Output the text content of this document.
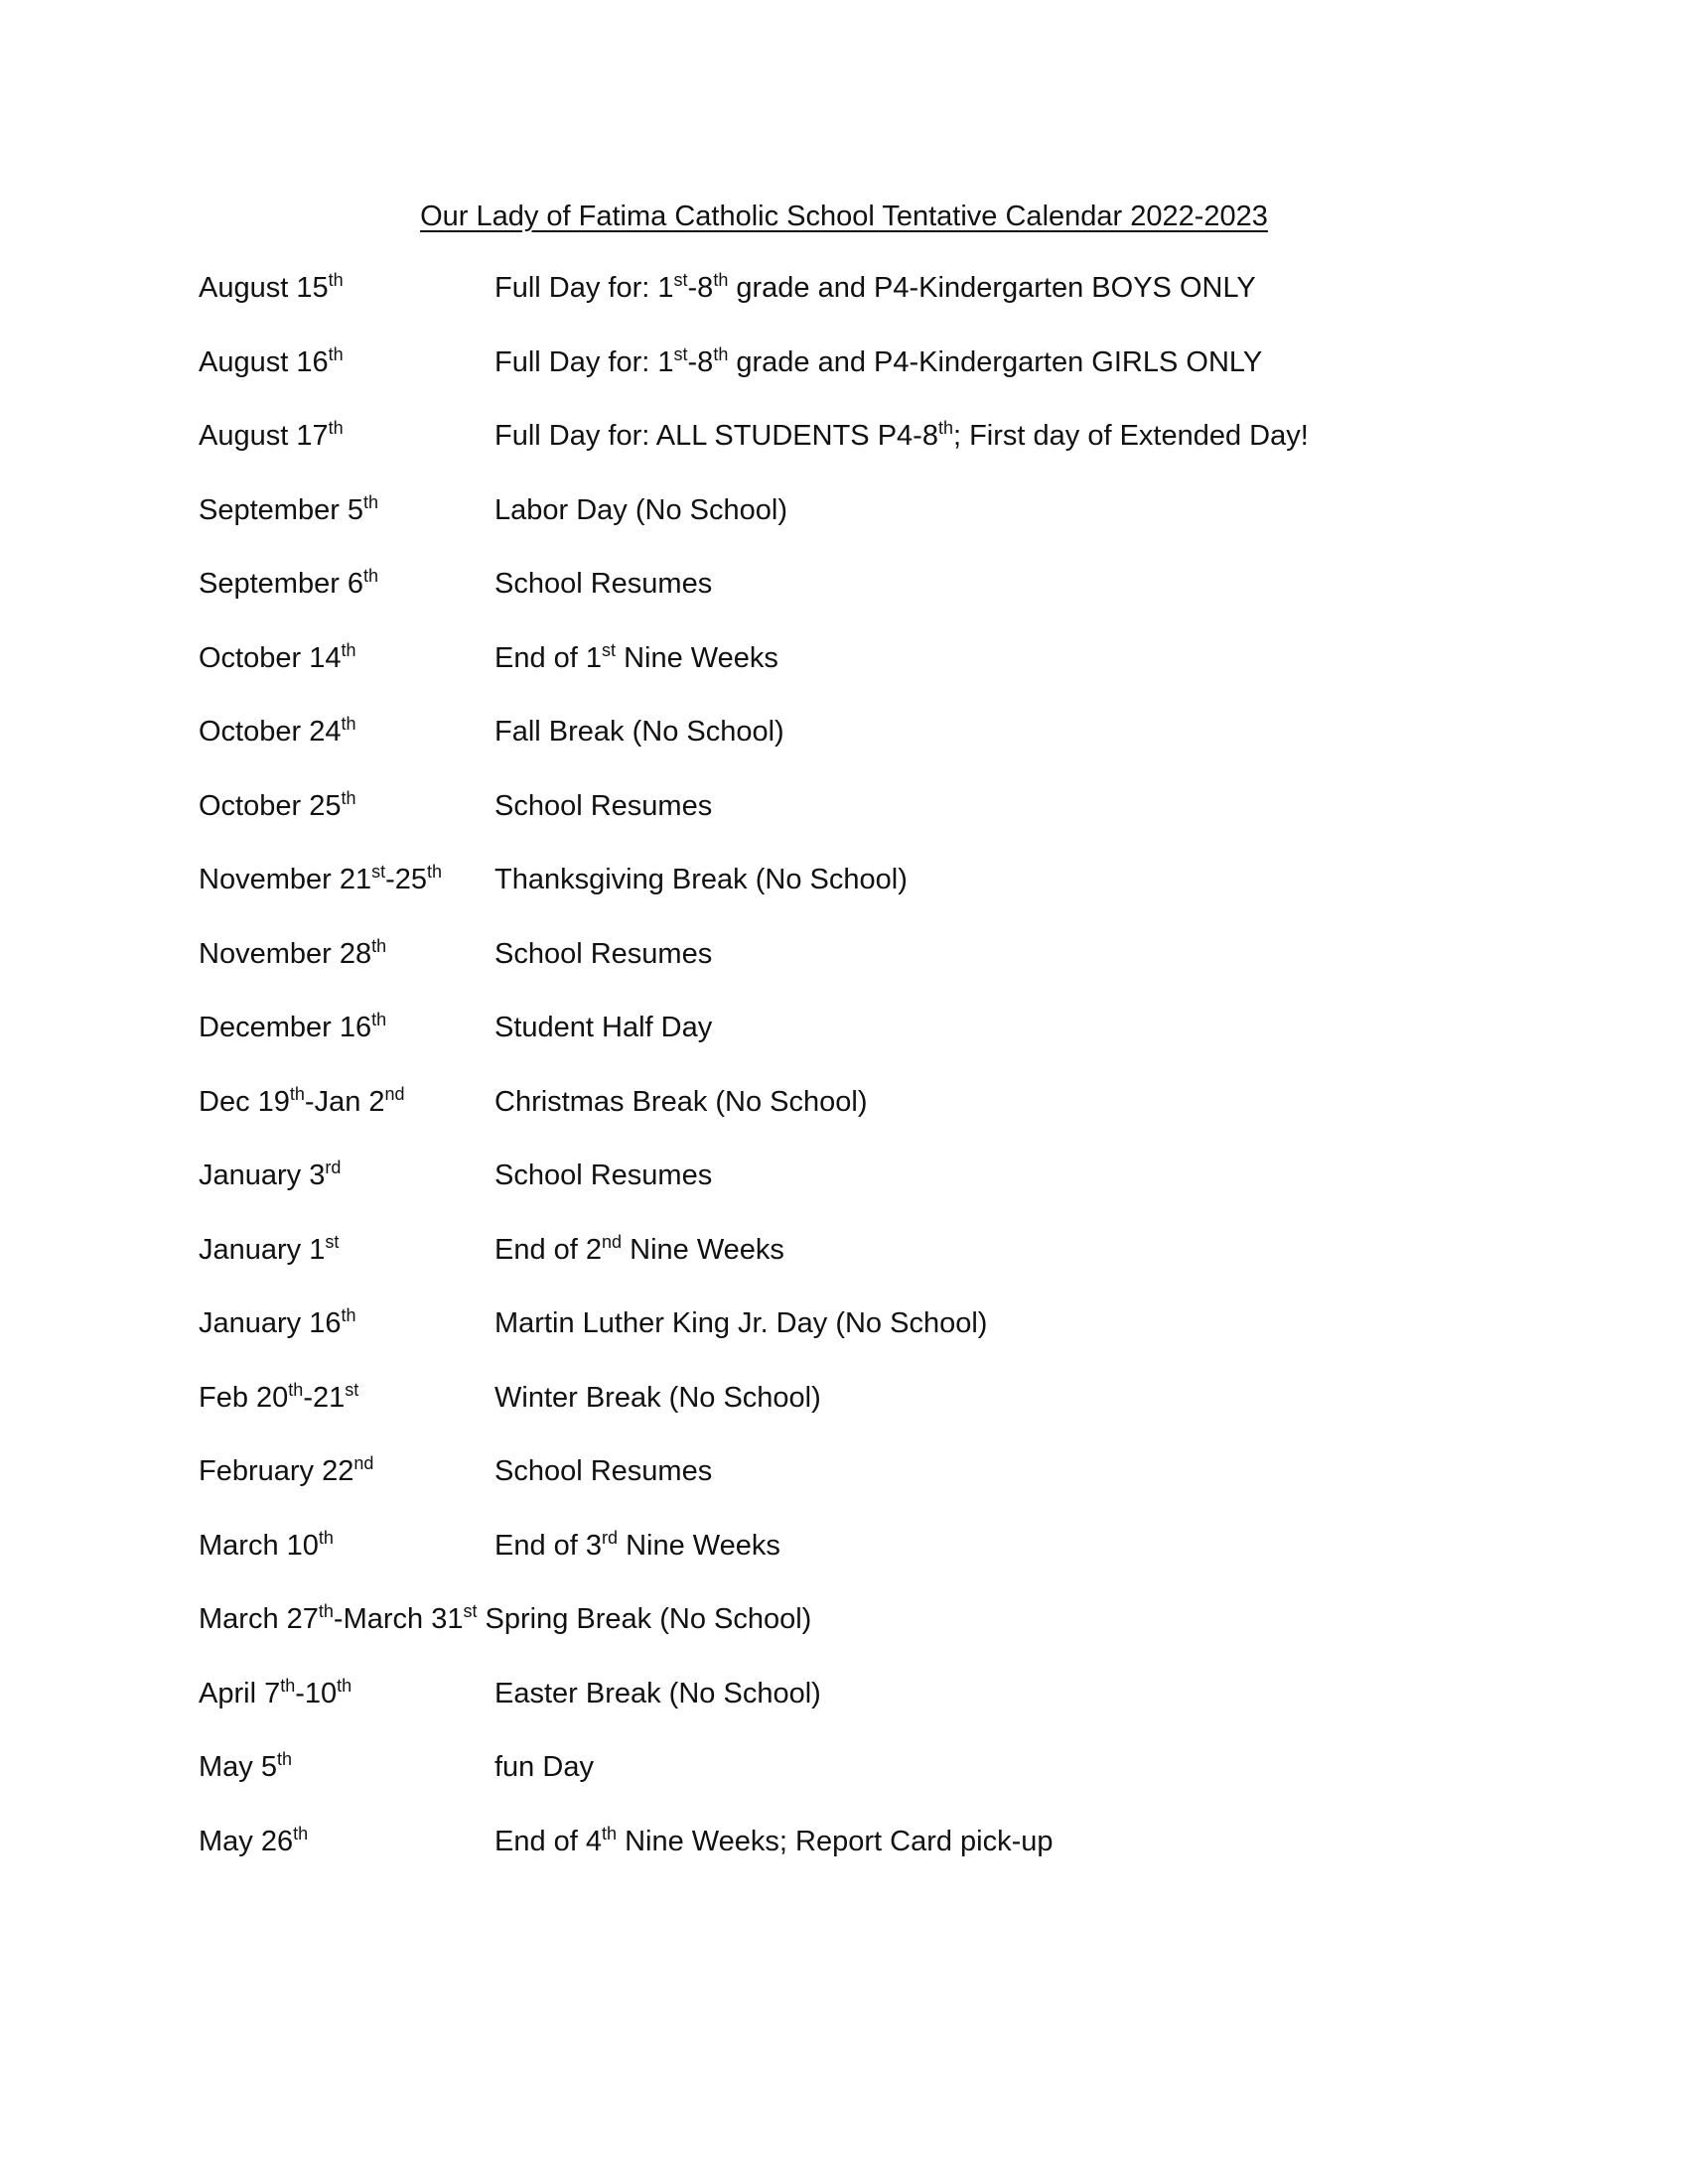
Our Lady of Fatima Catholic School Tentative Calendar 2022-2023
August 15th	Full Day for: 1st-8th grade and P4-Kindergarten BOYS ONLY
August 16th	Full Day for: 1st-8th grade and P4-Kindergarten GIRLS ONLY
August 17th	Full Day for: ALL STUDENTS P4-8th; First day of Extended Day!
September 5th	Labor Day (No School)
September 6th	School Resumes
October 14th	End of 1st Nine Weeks
October 24th	Fall Break (No School)
October 25th	School Resumes
November 21st-25th Thanksgiving Break (No School)
November 28th	School Resumes
December 16th	Student Half Day
Dec 19th-Jan 2nd	Christmas Break (No School)
January 3rd	School Resumes
January 1st	End of 2nd Nine Weeks
January 16th	Martin Luther King Jr. Day (No School)
Feb 20th-21st	Winter Break (No School)
February 22nd	School Resumes
March 10th	End of 3rd Nine Weeks
March 27th-March 31st Spring Break (No School)
April 7th-10th	Easter Break (No School)
May 5th	fun Day
May 26th	End of 4th Nine Weeks; Report Card pick-up
